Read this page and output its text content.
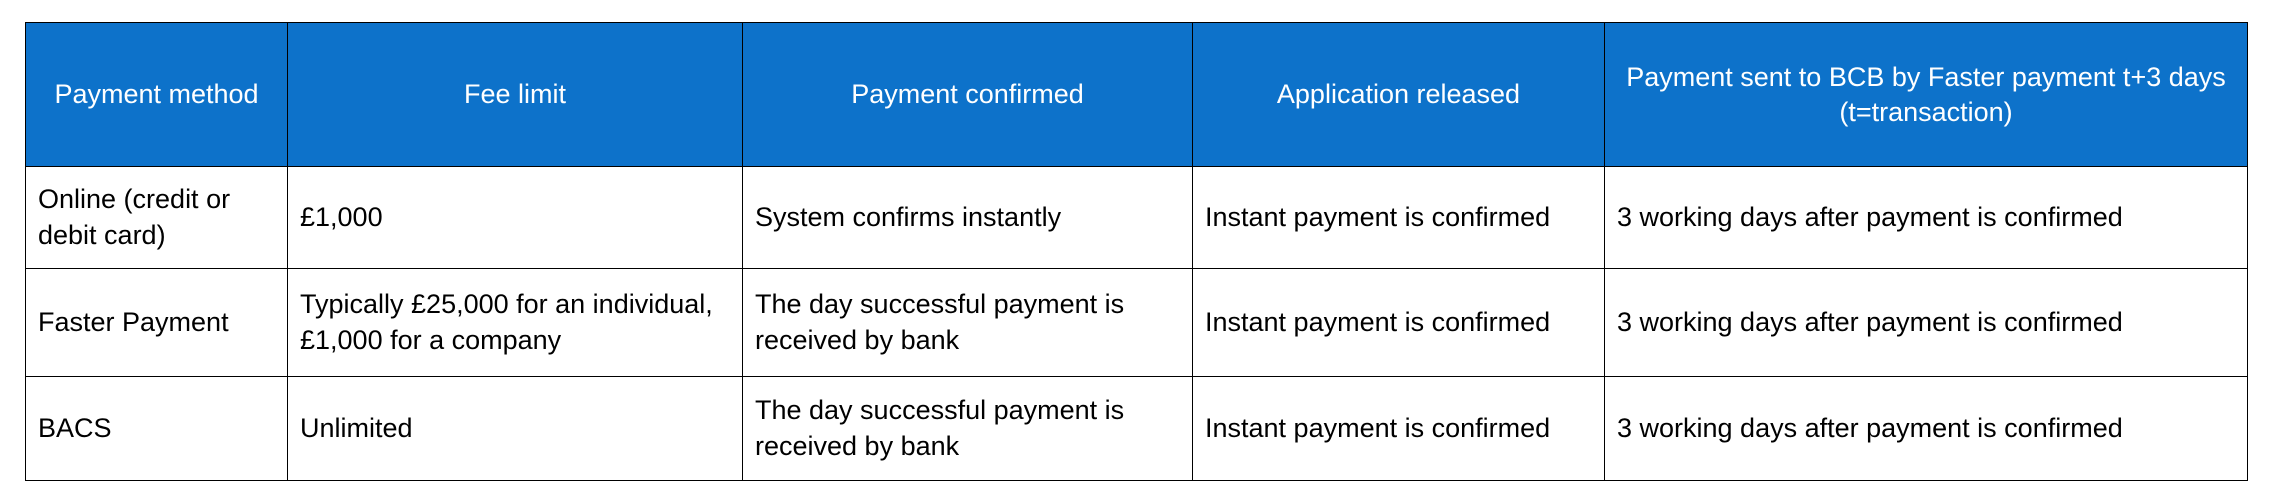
Payment method	Fee limit	Payment confirmed	Application released	Payment sent to BCB by Faster payment t+3 days (t=transaction)
Online (credit or debit card)	£1,000	System confirms instantly	Instant payment is confirmed	3 working days after payment is confirmed
Faster Payment	Typically £25,000 for an individual, £1,000 for a company	The day successful payment is received by bank	Instant payment is confirmed	3 working days after payment is confirmed
BACS	Unlimited	The day successful payment is received by bank	Instant payment is confirmed	3 working days after payment is confirmed
